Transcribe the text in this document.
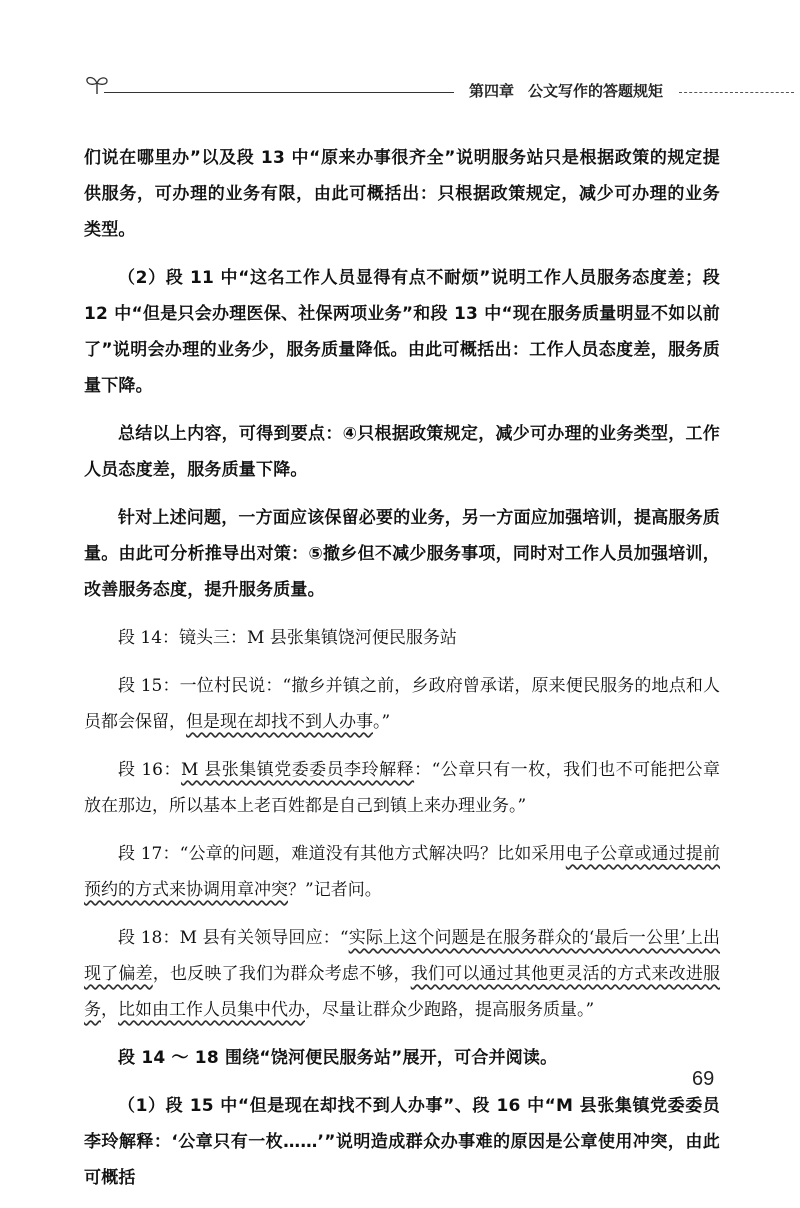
第四章 公文写作的答题规矩

们说在哪里办”以及段 13 中“原来办事很齐全”说明服务站只是根据政策的规定提供服务，可办理的业务有限，由此可概括出：只根据政策规定，减少可办理的业务类型。

（2）段 11 中“这名工作人员显得有点不耐烦”说明工作人员服务态度差；段 12 中“但是只会办理医保、社保两项业务”和段 13 中“现在服务质量明显不如以前了”说明会办理的业务少，服务质量降低。由此可概括出：工作人员态度差，服务质量下降。

总结以上内容，可得到要点：④只根据政策规定，减少可办理的业务类型，工作人员态度差，服务质量下降。

针对上述问题，一方面应该保留必要的业务，另一方面应加强培训，提高服务质量。由此可分析推导出对策：⑤撤乡但不减少服务事项，同时对工作人员加强培训，改善服务态度，提升服务质量。

段 14：镜头三：M 县张集镇饶河便民服务站

段 15：一位村民说：“撤乡并镇之前，乡政府曾承诺，原来便民服务的地点和人员都会保留，但是现在却找不到人办事。”

段 16：M 县张集镇党委委员李玲解释：“公章只有一枚，我们也不可能把公章放在那边，所以基本上老百姓都是自己到镇上来办理业务。”

段 17：“公章的问题，难道没有其他方式解决吗？比如采用电子公章或通过提前预约的方式来协调用章冲突？”记者问。

段 18：M 县有关领导回应：“实际上这个问题是在服务群众的‘最后一公里’上出现了偏差，也反映了我们为群众考虑不够，我们可以通过其他更灵活的方式来改进服务，比如由工作人员集中代办，尽量让群众少跑路，提高服务质量。”

段 14 ～ 18 围绕“饶河便民服务站”展开，可合并阅读。

（1）段 15 中“但是现在却找不到人办事”、段 16 中“M 县张集镇党委委员李玲解释：‘公章只有一枚……’”说明造成群众办事难的原因是公章使用冲突，由此可概括

69
